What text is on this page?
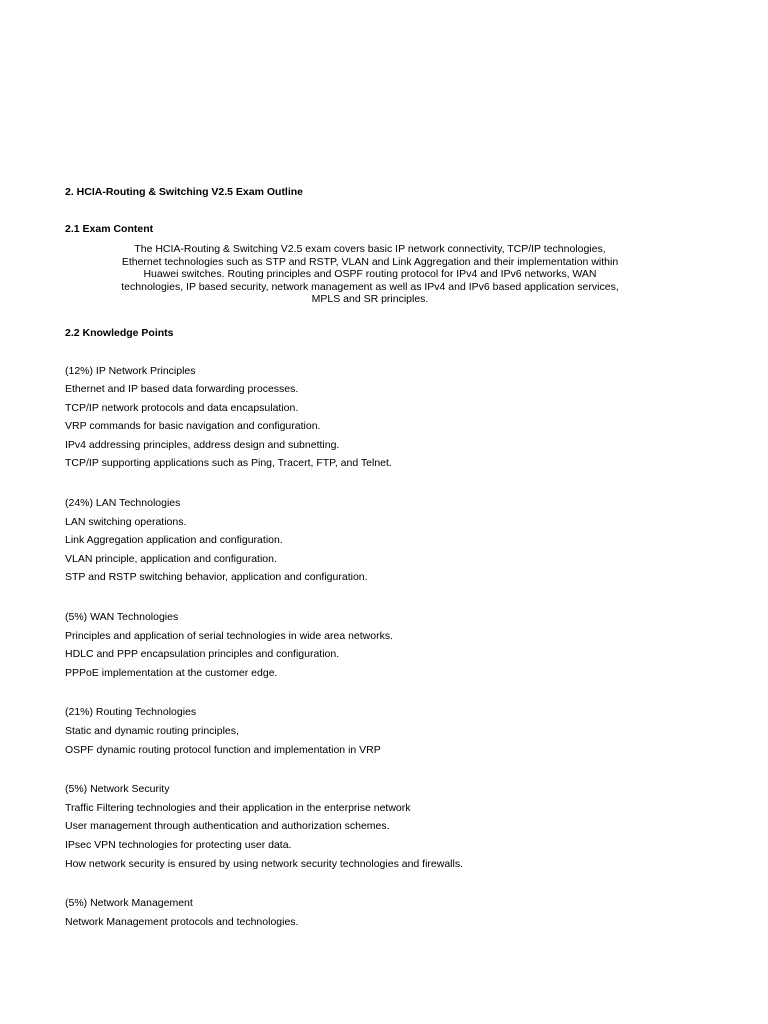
2. HCIA-Routing & Switching V2.5 Exam Outline

2.1 Exam Content

The HCIA-Routing & Switching V2.5 exam covers basic IP network connectivity, TCP/IP technologies,
Ethernet technologies such as STP and RSTP, VLAN and Link Aggregation and their implementation within
Huawei switches. Routing principles and OSPF routing protocol for IPv4 and IPv6 networks, WAN
technologies, IP based security, network management as well as IPv4 and IPv6 based application services,
MPLS and SR principles.

2.2 Knowledge Points

(12%) IP Network Principles

Ethernet and IP based data forwarding processes.

TCP/IP network protocols and data encapsulation.

VRP commands for basic navigation and configuration.

IPv4 addressing principles, address design and subnetting.

TCP/IP supporting applications such as Ping, Tracert, FTP, and Telnet.

(24%) LAN Technologies

LAN switching operations.

Link Aggregation application and configuration.

VLAN principle, application and configuration.

STP and RSTP switching behavior, application and configuration.

(5%) WAN Technologies

Principles and application of serial technologies in wide area networks.

HDLC and PPP encapsulation principles and configuration.

PPPoE implementation at the customer edge.

(21%) Routing Technologies

Static and dynamic routing principles,

OSPF dynamic routing protocol function and implementation in VRP

(5%) Network Security

Traffic Filtering technologies and their application in the enterprise network

User management through authentication and authorization schemes.

IPsec VPN technologies for protecting user data.

How network security is ensured by using network security technologies and firewalls.

(5%) Network Management

Network Management protocols and technologies.
